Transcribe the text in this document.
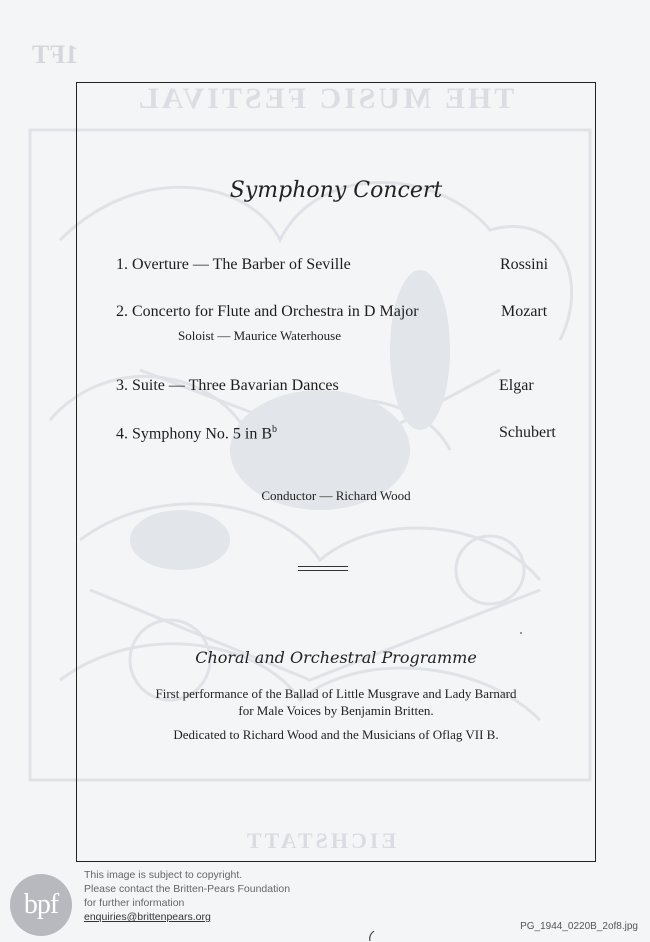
1FT
THE MUSIC FESTIVAL
EICHSTATT
Symphony Concert
1. Overture — The Barber of Seville	Rossini
2. Concerto for Flute and Orchestra in D Major	Mozart
Soloist — Maurice Waterhouse
3. Suite — Three Bavarian Dances	Elgar
4. Symphony No. 5 in $B^b$	Schubert
Conductor — Richard Wood
Choral and Orchestral Programme
First performance of the Ballad of Little Musgrave and Lady Barnard
for Male Voices by Benjamin Britten.
Dedicated to Richard Wood and the Musicians of Oflag VII B.
bpf
This image is subject to copyright.
Please contact the Britten-Pears Foundation
for further information
enquiries@brittenpears.org
PG_1944_0220B_2of8.jpg
